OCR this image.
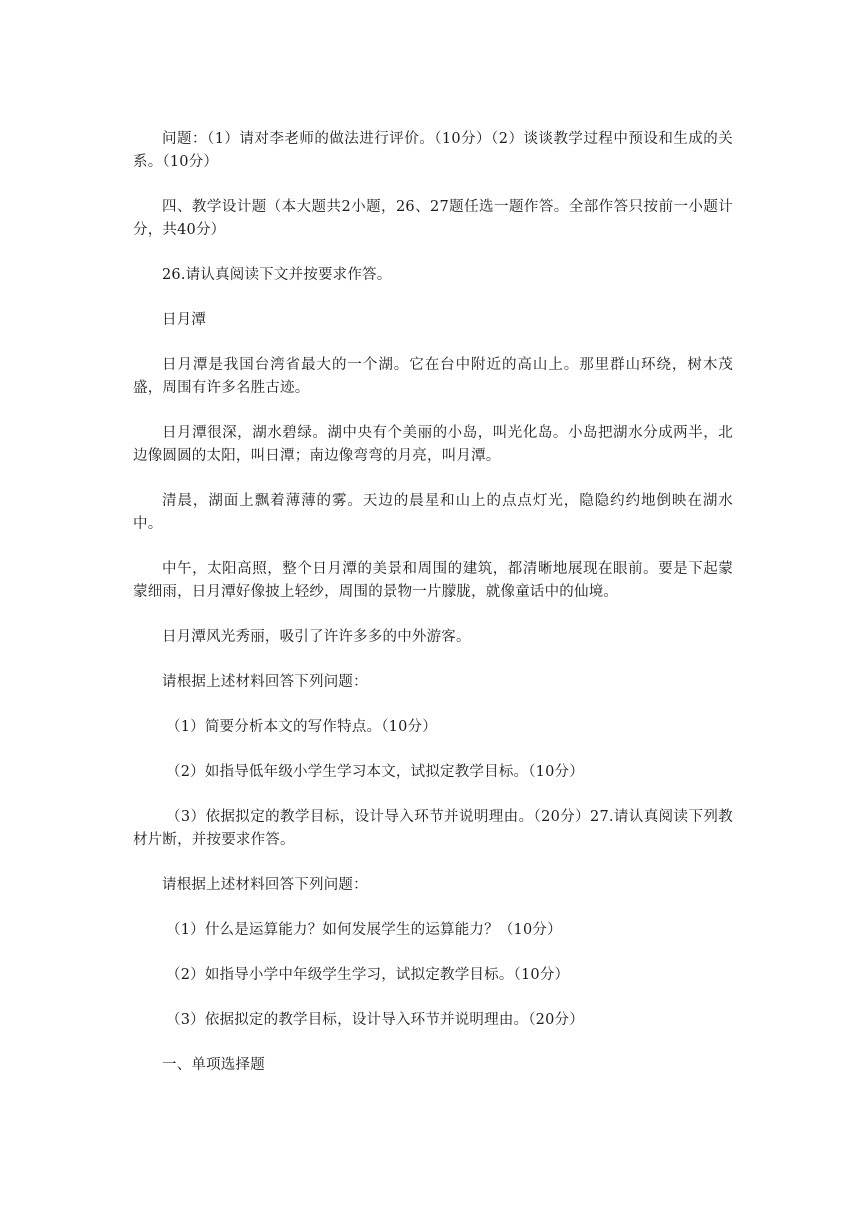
问题：（1）请对李老师的做法进行评价。（10分）（2）谈谈教学过程中预设和生成的关系。（10分）

四、教学设计题（本大题共2小题，26、27题任选一题作答。全部作答只按前一小题计分，共40分）

26.请认真阅读下文并按要求作答。

日月潭

日月潭是我国台湾省最大的一个湖。它在台中附近的高山上。那里群山环绕，树木茂盛，周围有许多名胜古迹。

日月潭很深，湖水碧绿。湖中央有个美丽的小岛，叫光化岛。小岛把湖水分成两半，北边像圆圆的太阳，叫日潭；南边像弯弯的月亮，叫月潭。

清晨，湖面上飘着薄薄的雾。天边的晨星和山上的点点灯光，隐隐约约地倒映在湖水中。

中午，太阳高照，整个日月潭的美景和周围的建筑，都清晰地展现在眼前。要是下起蒙蒙细雨，日月潭好像披上轻纱，周围的景物一片朦胧，就像童话中的仙境。

日月潭风光秀丽，吸引了许许多多的中外游客。

请根据上述材料回答下列问题：

（1）简要分析本文的写作特点。（10分）

（2）如指导低年级小学生学习本文，试拟定教学目标。（10分）

（3）依据拟定的教学目标，设计导入环节并说明理由。（20分）27.请认真阅读下列教材片断，并按要求作答。

请根据上述材料回答下列问题：

（1）什么是运算能力？如何发展学生的运算能力？（10分）

（2）如指导小学中年级学生学习，试拟定教学目标。（10分）

（3）依据拟定的教学目标，设计导入环节并说明理由。（20分）

一、单项选择题
